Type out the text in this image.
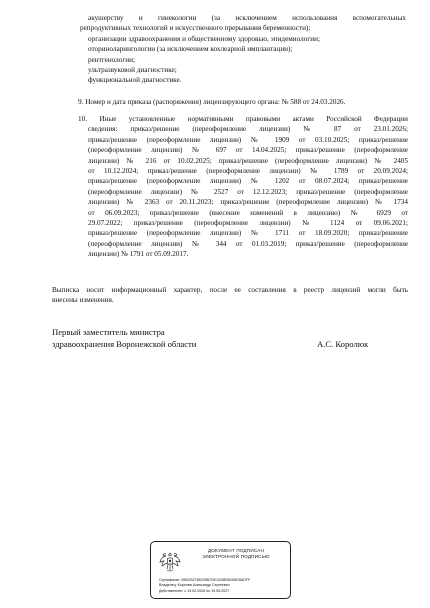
акушерству и гинекологии (за исключением использования вспомогательных
репродуктивных технологий и искусственного прерывания беременности);
организации здравоохранения и общественному здоровью, эпидемиологии;
оториноларингологии (за исключением кохлеарной имплантации);
рентгенологии;
ультразвуковой диагностике;
функциональной диагностике.
9. Номер и дата приказа (распоряжения) лицензирующего органа: № 588 от 24.03.2026.
10. Иные установленные нормативными правовыми актами Российской Федерации
сведения: приказ/решение (переоформление лицензии) № 87 от 23.01.2026;
приказ/решение (переоформление лицензии) № 1909 от 03.10.2025; приказ/решение
(переоформление лицензии) № 697 от 14.04.2025; приказ/решение (переоформление
лицензии) № 216 от 10.02.2025; приказ/решение (переоформление лицензии) № 2405
от 10.12.2024; приказ/решение (переоформление лицензии) № 1789 от 20.09.2024;
приказ/решение (переоформление лицензии) № 1202 от 08.07.2024; приказ/решение
(переоформление лицензии) № 2527 от 12.12.2023; приказ/решение (переоформление
лицензии) № 2363 от 20.11.2023; приказ/решение (переоформление лицензии) № 1734
от 06.09.2023; приказ/решение (внесение изменений в лицензию) № 6929 от
29.07.2022; приказ/решение (переоформление лицензии) № 1124 от 09.06.2021;
приказ/решение (переоформление лицензии) № 1711 от 18.09.2020; приказ/решение
(переоформление лицензии) № 344 от 01.03.2019; приказ/решение (переоформление
лицензии) № 1791 от 05.09.2017.
Выписка носит информационный характер, после ее составления в реестр лицензий могли быть
внесены изменения.
Первый заместитель министра
здравоохранения Воронежской области	А.С. Королюк
ДОКУМЕНТ ПОДПИСАН
ЭЛЕКТРОННОЙ ПОДПИСЬЮ
Сертификат: 05ВСВ2766235В7DЕ1028Е0В49878АDFF
Владелец: Королюк Александр Сергеевич
Действителен: с 19.02.2026 по 15.05.2027
